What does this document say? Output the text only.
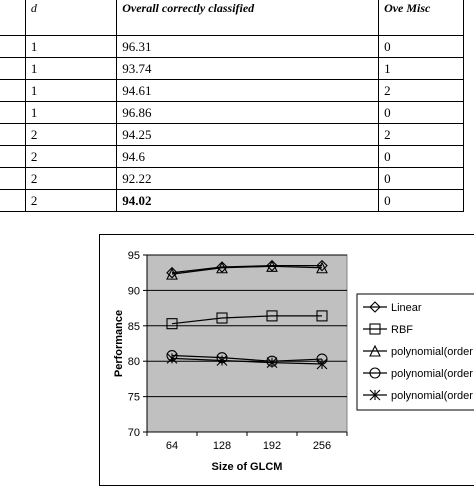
	d	Overall correctly classified	Ove Misc
	1	96.31	0
	1	93.74	1
	1	94.61	2
	1	96.86	0
	2	94.25	2
	2	94.6	0
	2	92.22	0
	2	94.02	0
70
75
80
85
90
95
64	128	192	256
Size of GLCM
Performance
Linear
RBF
polynomial(order
polynomial(order
polynomial(order
